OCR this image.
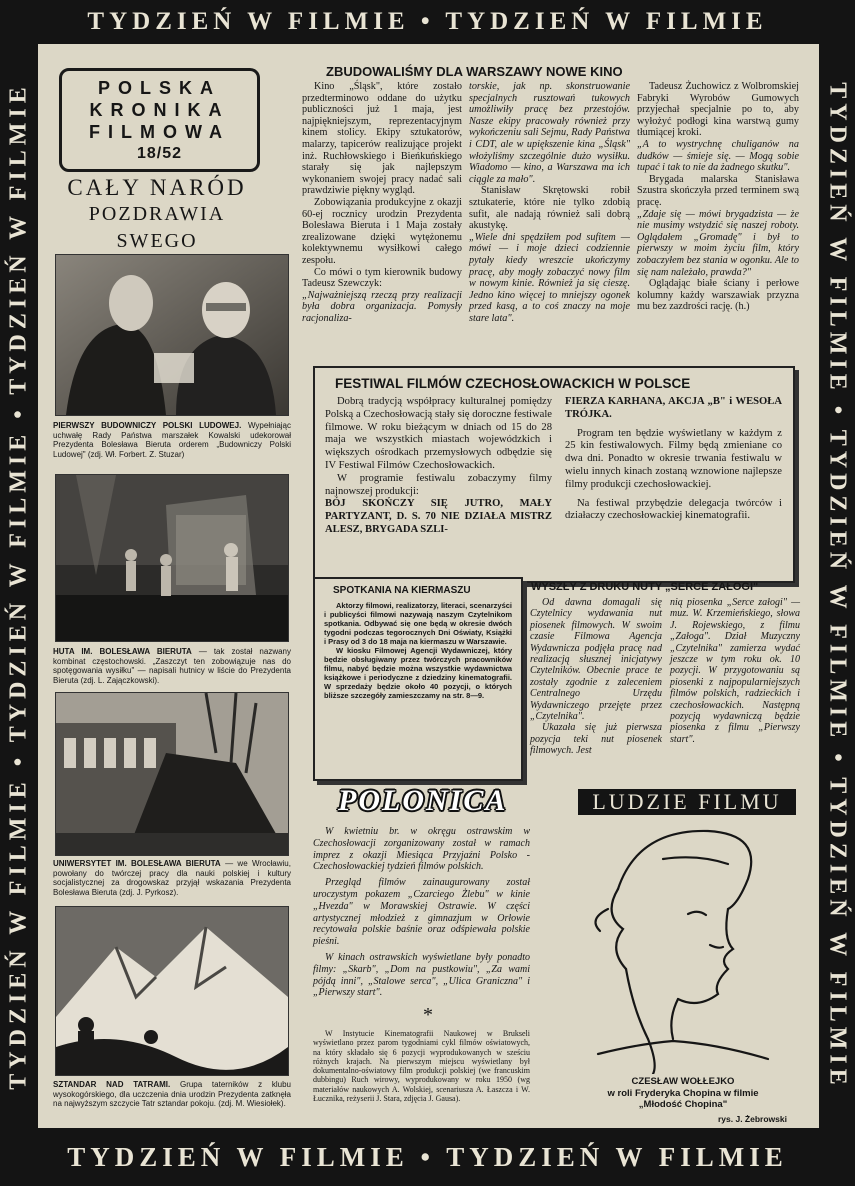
TYDZIEŃ W FILMIE • TYDZIEŃ W FILMIE
TYDZIEŃ W FILMIE • TYDZIEŃ W FILMIE • TYDZIEŃ W FILMIE	TYDZIEŃ W FILMIE • TYDZIEŃ W FILMIE • TYDZIEŃ W FILMIE
TYDZIEŃ W FILMIE • TYDZIEŃ W FILMIE
POLSKA
KRONIKA
FILMOWA
18/52
CAŁY NARÓD
POZDRAWIA SWEGO
PIERWSZY BUDOWNICZY POLSKI LUDOWEJ. Wypełniając uchwałę Rady Państwa marszałek Kowalski udekorował Prezydenta Bolesława Bieruta orderem „Budowniczy Polski Ludowej" (zdj. Wł. Forbert. Z. Stuzar)
HUTA IM. BOLESŁAWA BIERUTA — tak został nazwany kombinat częstochowski. „Zaszczyt ten zobowiązuje nas do spotęgowania wysiłku" — napisali hutnicy w liście do Prezydenta Bieruta (zdj. L. Zajączkowski).
UNIWERSYTET IM. BOLESŁAWA BIERUTA — we Wrocławiu, powołany do twórczej pracy dla nauki polskiej i kultury socjalistycznej za drogowskaz przyjął wskazania Prezydenta Bolesława Bieruta (zdj. J. Pyrkosz).
SZTANDAR NAD TATRAMI. Grupa taterników z klubu wysokogórskiego, dla uczczenia dnia urodzin Prezydenta zatknęła na najwyższym szczycie Tatr sztandar pokoju. (zdj. M. Wiesiołek).
ZBUDOWALIŚMY DLA WARSZAWY NOWE KINO

Kino „Śląsk", które zostało przedterminowo oddane do użytku publiczności już 1 maja, jest najpiękniejszym, reprezentacyjnym kinem stolicy. Ekipy sztukatorów, malarzy, tapicerów realizujące projekt inż. Ruchłowskiego i Bieńkuńskiego starały się jak najlepszym wykonaniem swojej pracy nadać sali prawdziwie piękny wygląd.

Zobowiązania produkcyjne z okazji 60-ej rocznicy urodzin Prezydenta Bolesława Bieruta i 1 Maja zostały zrealizowane dzięki wytężonemu kolektywnemu wysiłkowi całego zespołu.

Co mówi o tym kierownik budowy Tadeusz Szewczyk:

„Najważniejszą rzeczą przy realizacji była dobra organizacja. Pomysły racjonaliza-

torskie, jak np. skonstruowanie specjalnych rusztowań tukowych umożliwiły pracę bez przestojów. Nasze ekipy pracowały również przy wykończeniu sali Sejmu, Rady Państwa i CDT, ale w upiększenie kina „Śląsk" włożyliśmy szczególnie dużo wysiłku. Wiadomo — kino, a Warszawa ma ich ciągle za mało".

Stanisław Skrętowski robił sztukaterie, które nie tylko zdobią sufit, ale nadają również sali dobrą akustykę.

„Wiele dni spędziłem pod sufitem — mówi — i moje dzieci codziennie pytały kiedy wreszcie ukończymy pracę, aby mogły zobaczyć nowy film w nowym kinie. Również ja się cieszę. Jedno kino więcej to mniejszy ogonek przed kasą, a to coś znaczy na moje stare lata".

Tadeusz Żuchowicz z Wolbromskiej Fabryki Wyrobów Gumowych przyjechał specjalnie po to, aby wyłożyć podłogi kina warstwą gumy tłumiącej kroki.

„A to wystrychnę chuliganów na dudków — śmieje się. — Mogą sobie tupać i tak to nie da żadnego skutku".

Brygada malarska Stanisława Szustra skończyła przed terminem swą pracę.

„Zdaje się — mówi brygadzista — że nie musimy wstydzić się naszej roboty. Oglądałem „Gromadę" i był to pierwszy w moim życiu film, który zobaczyłem bez stania w ogonku. Ale to się nam należało, prawda?"

Oglądając białe ściany i perłowe kolumny każdy warszawiak przyzna mu bez zazdrości rację. (h.)

FESTIWAL FILMÓW CZECHOSŁOWACKICH W POLSCE

Dobrą tradycją współpracy kulturalnej pomiędzy Polską a Czechosłowacją stały się doroczne festiwale filmowe. W roku bieżącym w dniach od 15 do 28 maja we wszystkich miastach wojewódzkich i większych ośrodkach przemysłowych odbędzie się IV Festiwal Filmów Czechosłowackich.

W programie festiwalu zobaczymy filmy najnowszej produkcji:

BÓJ SKOŃCZY SIĘ JUTRO, MAŁY PARTYZANT, D. S. 70 NIE DZIAŁA MISTRZ ALESZ, BRYGADA SZLI-

FIERZA KARHANA, AKCJA „B" i WESOŁA TRÓJKA.

Program ten będzie wyświetlany w każdym z 25 kin festiwalowych. Filmy będą zmieniane co dwa dni. Ponadto w okresie trwania festiwalu w wielu innych kinach zostaną wznowione najlepsze filmy produkcji czechosłowackiej.

Na festiwal przybędzie delegacja twórców i działaczy czechosłowackiej kinematografii.

SPOTKANIA NA KIERMASZU

Aktorzy filmowi, realizatorzy, literaci, scenarzyści i publicyści filmowi nazywają naszym Czytelnikom spotkania. Odbywać się one będą w okresie dwóch tygodni podczas tegorocznych Dni Oświaty, Książki i Prasy od 3 do 18 maja na kiermaszu w Warszawie.

W kiosku Filmowej Agencji Wydawniczej, który będzie obsługiwany przez twórczych pracowników filmu, nabyć będzie można wszystkie wydawnictwa książkowe i periodyczne z dziedziny kinematografii. W sprzedaży będzie około 40 pozycji, o których bliższe szczegóły zamieszczamy na str. 8—9.

WYSZŁY Z DRUKU NUTY „SERCE ZAŁOGI"

Od dawna domagali się Czytelnicy wydawania nut piosenek filmowych. W swoim czasie Filmowa Agencja Wydawnicza podjęła pracę nad realizacją słusznej inicjatywy Czytelników. Obecnie prace te zostały zgodnie z zaleceniem Centralnego Urzędu Wydawniczego przejęte przez „Czytelnika".

Ukazała się już pierwsza pozycja teki nut piosenek filmowych. Jest

nią piosenka „Serce załogi" — muz. W. Krzemieńskiego, słowa J. Rojewskiego, z filmu „Załoga". Dział Muzyczny „Czytelnika" zamierza wydać jeszcze w tym roku ok. 10 pozycji. W przygotowaniu są piosenki z najpopularniejszych filmów polskich, radzieckich i czechosłowackich. Następną pozycją wydawniczą będzie piosenka z filmu „Pierwszy start".

POLONICA

W kwietniu br. w okręgu ostrawskim w Czechosłowacji zorganizowany został w ramach imprez z okazji Miesiąca Przyjaźni Polsko - Czechosłowackiej tydzień filmów polskich.

Przegląd filmów zainaugurowany został uroczystym pokazem „Czarciego Żlebu" w kinie „Hvezda" w Morawskiej Ostrawie. W części artystycznej młodzież z gimnazjum w Orłowie recytowała polskie baśnie oraz odśpiewała polskie pieśni.

W kinach ostrawskich wyświetlane były ponadto filmy: „Skarb", „Dom na pustkowiu", „Za wami pójdą inni", „Stalowe serca", „Ulica Graniczna" i „Pierwszy start".

*

W Instytucie Kinematografii Naukowej w Brukseli wyświetlano przez parom tygodniami cykl filmów oświatowych, na który składało się 6 pozycji wyprodukowanych w sześciu różnych krajach. Na pierwszym miejscu wyświetlany był dokumentalno-oświatowy film produkcji polskiej (we francuskim dubbingu) Ruch wirowy, wyprodukowany w roku 1950 (wg materiałów naukowych A. Wolskiej, scenariusza A. Łaszcza i W. Łucznika, reżyserii J. Stara, zdjęcia J. Gausa).

LUDZIE FILMU
CZESŁAW WOŁŁEJKO
w roli Fryderyka Chopina w filmie
„Młodość Chopina"
rys. J. Żebrowski
